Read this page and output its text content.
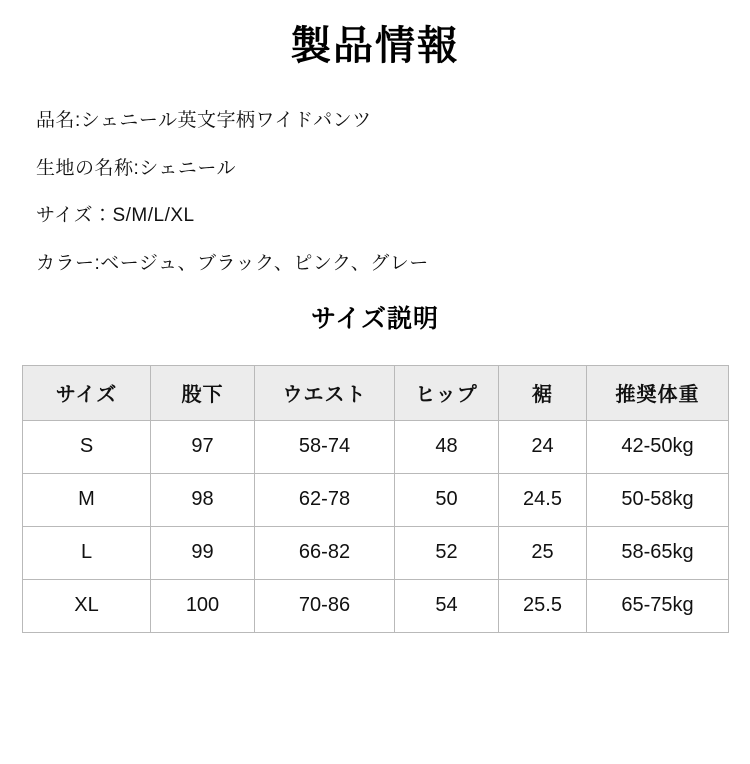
製品情報
品名:シェニール英文字柄ワイドパンツ
生地の名称:シェニール
サイズ：S/M/L/XL
カラー:ベージュ、ブラック、ピンク、グレー
サイズ説明
サイズ	股下	ウエスト	ヒップ	裾	推奨体重
S	97	58-74	48	24	42-50kg
M	98	62-78	50	24.5	50-58kg
L	99	66-82	52	25	58-65kg
XL	100	70-86	54	25.5	65-75kg
